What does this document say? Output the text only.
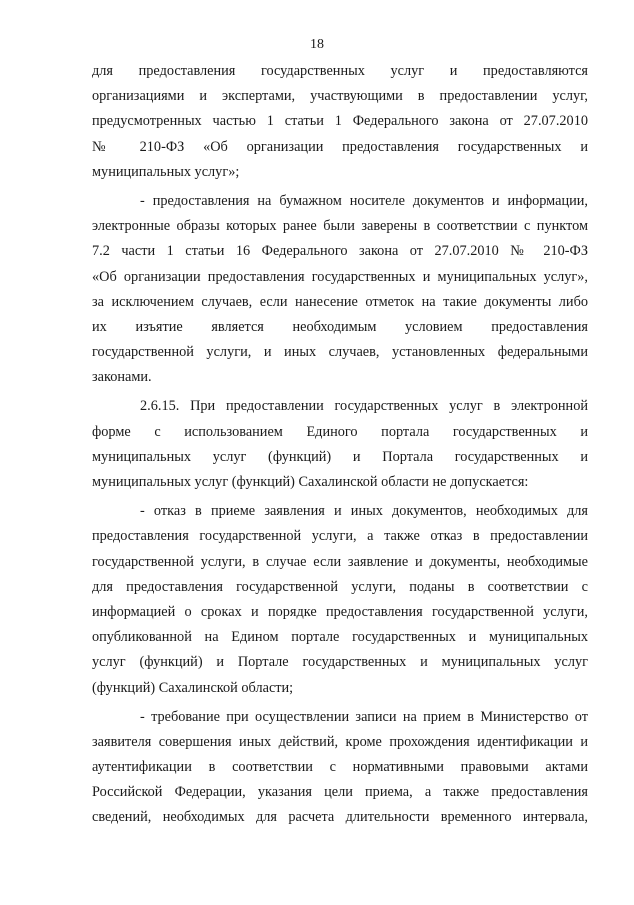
18
для предоставления государственных услуг и предоставляются
организациями и экспертами, участвующими в предоставлении услуг,
предусмотренных частью 1 статьи 1 Федерального закона от 27.07.2010
№ 210-ФЗ «Об организации предоставления государственных и
муниципальных услуг»;
- предоставления на бумажном носителе документов и информации,
электронные образы которых ранее были заверены в соответствии с пунктом
7.2 части 1 статьи 16 Федерального закона от 27.07.2010 № 210-ФЗ
«Об организации предоставления государственных и муниципальных услуг»,
за исключением случаев, если нанесение отметок на такие документы либо
их изъятие является необходимым условием предоставления
государственной услуги, и иных случаев, установленных федеральными
законами.
2.6.15. При предоставлении государственных услуг в электронной
форме с использованием Единого портала государственных и
муниципальных услуг (функций) и Портала государственных и
муниципальных услуг (функций) Сахалинской области не допускается:
- отказ в приеме заявления и иных документов, необходимых для
предоставления государственной услуги, а также отказ в предоставлении
государственной услуги, в случае если заявление и документы, необходимые
для предоставления государственной услуги, поданы в соответствии с
информацией о сроках и порядке предоставления государственной услуги,
опубликованной на Едином портале государственных и муниципальных
услуг (функций) и Портале государственных и муниципальных услуг
(функций) Сахалинской области;
- требование при осуществлении записи на прием в Министерство от
заявителя совершения иных действий, кроме прохождения идентификации и
аутентификации в соответствии с нормативными правовыми актами
Российской Федерации, указания цели приема, а также предоставления
сведений, необходимых для расчета длительности временного интервала,
